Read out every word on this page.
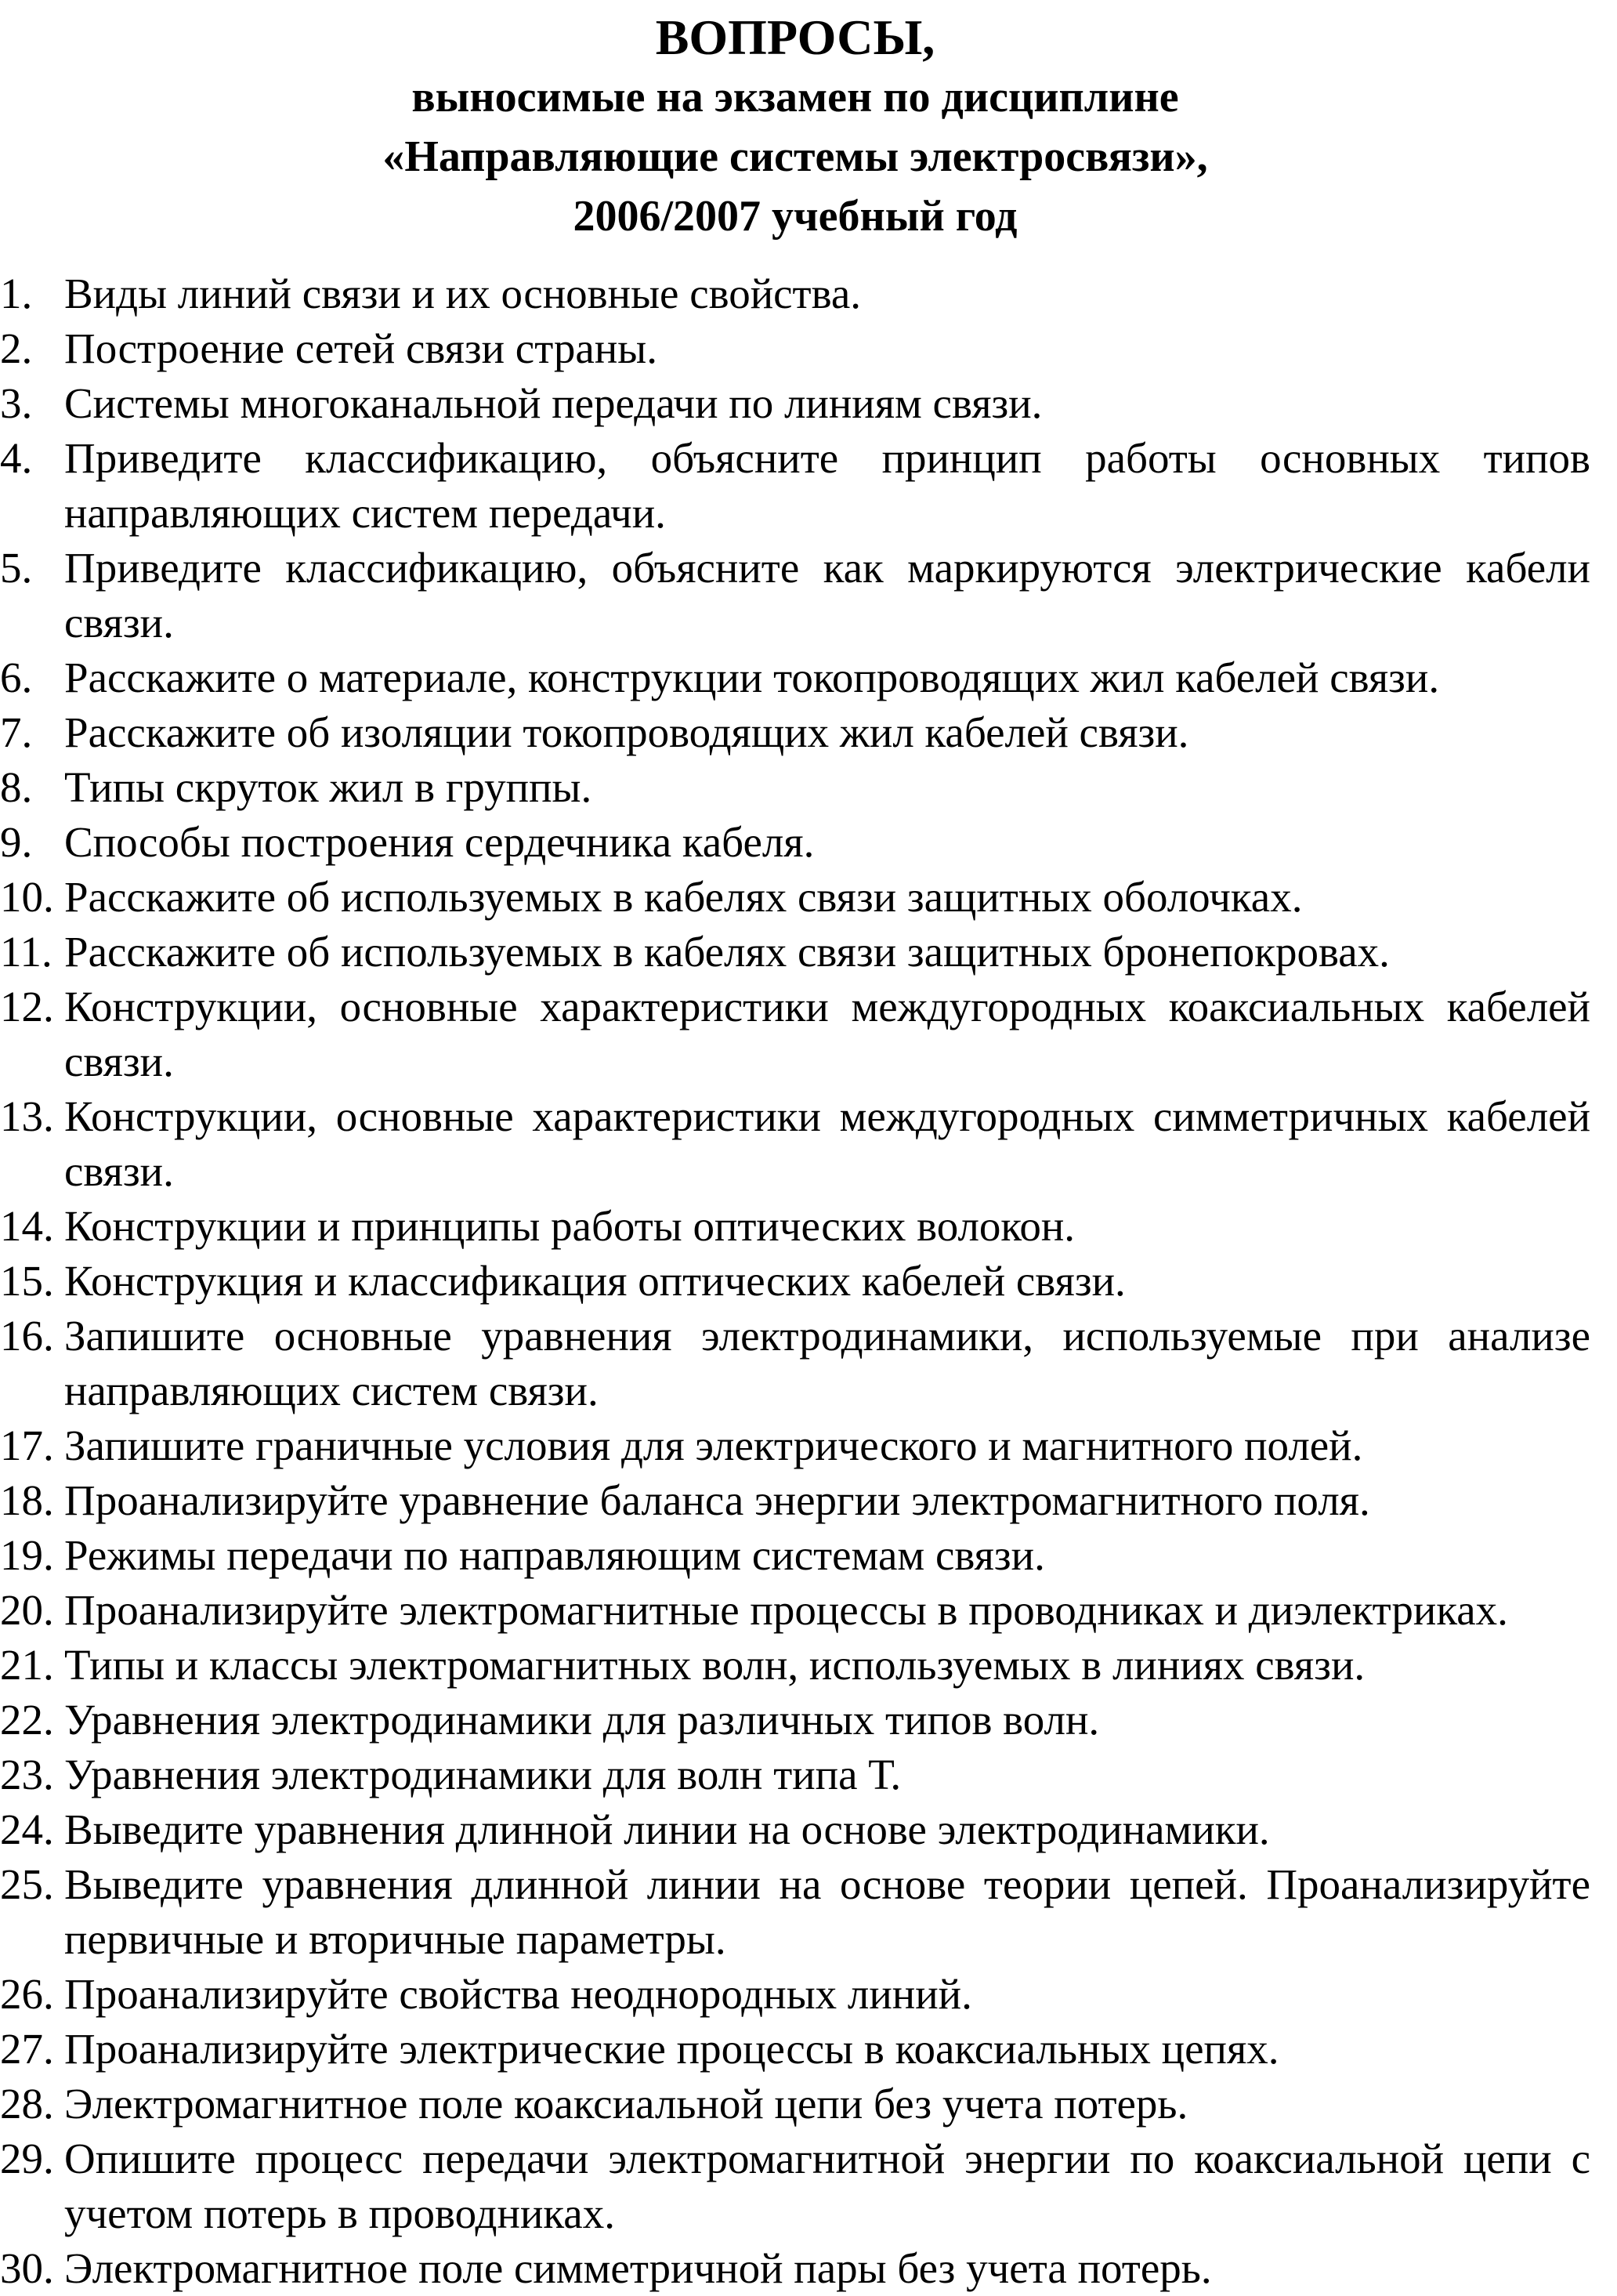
ВОПРОСЫ,
выносимые на экзамен по дисциплине
«Направляющие системы электросвязи»,
2006/2007 учебный год
1. Виды линий связи и их основные свойства.
2. Построение сетей связи страны.
3. Системы многоканальной передачи по линиям связи.
4. Приведите классификацию, объясните принцип работы основных типов направляющих систем передачи.
5. Приведите классификацию, объясните как маркируются электрические кабели связи.
6. Расскажите о материале, конструкции токопроводящих жил кабелей связи.
7. Расскажите об изоляции токопроводящих жил кабелей связи.
8. Типы скруток жил в группы.
9. Способы построения сердечника кабеля.
10. Расскажите об используемых в кабелях связи защитных оболочках.
11. Расскажите об используемых в кабелях связи защитных бронепокровах.
12. Конструкции, основные характеристики междугородных коаксиальных кабелей связи.
13. Конструкции, основные характеристики междугородных симметричных кабелей связи.
14. Конструкции и принципы работы оптических волокон.
15. Конструкция и классификация оптических кабелей связи.
16. Запишите основные уравнения электродинамики, используемые при анализе направляющих систем связи.
17. Запишите граничные условия для электрического и магнитного полей.
18. Проанализируйте уравнение баланса энергии электромагнитного поля.
19. Режимы передачи по направляющим системам связи.
20. Проанализируйте электромагнитные процессы в проводниках и диэлектриках.
21. Типы и классы электромагнитных волн, используемых в линиях связи.
22. Уравнения электродинамики для различных типов волн.
23. Уравнения электродинамики для волн типа Т.
24. Выведите уравнения длинной линии на основе электродинамики.
25. Выведите уравнения длинной линии на основе теории цепей. Проанализируйте первичные и вторичные параметры.
26. Проанализируйте свойства неоднородных линий.
27. Проанализируйте электрические процессы в коаксиальных цепях.
28. Электромагнитное поле коаксиальной цепи без учета потерь.
29. Опишите процесс передачи электромагнитной энергии по коаксиальной цепи с учетом потерь в проводниках.
30. Электромагнитное поле симметричной пары без учета потерь.
